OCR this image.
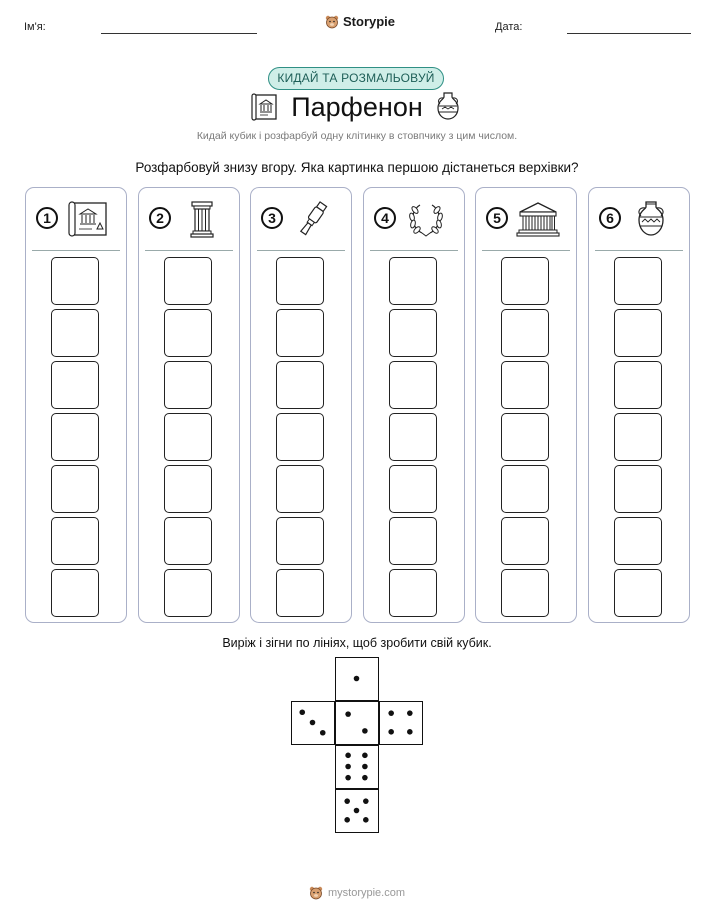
Ім'я:	Storypie	Дата:
КИДАЙ ТА РОЗМАЛЬОВУЙ
Парфенон
Кидай кубик і розфарбуй одну клітинку в стовпчику з цим числом.
Розфарбовуй знизу вгору. Яка картинка першою дістанеться верхівки?
1	2	3	4	5	6
Виріж і зігни по лініях, щоб зробити свій кубик.
mystorypie.com
